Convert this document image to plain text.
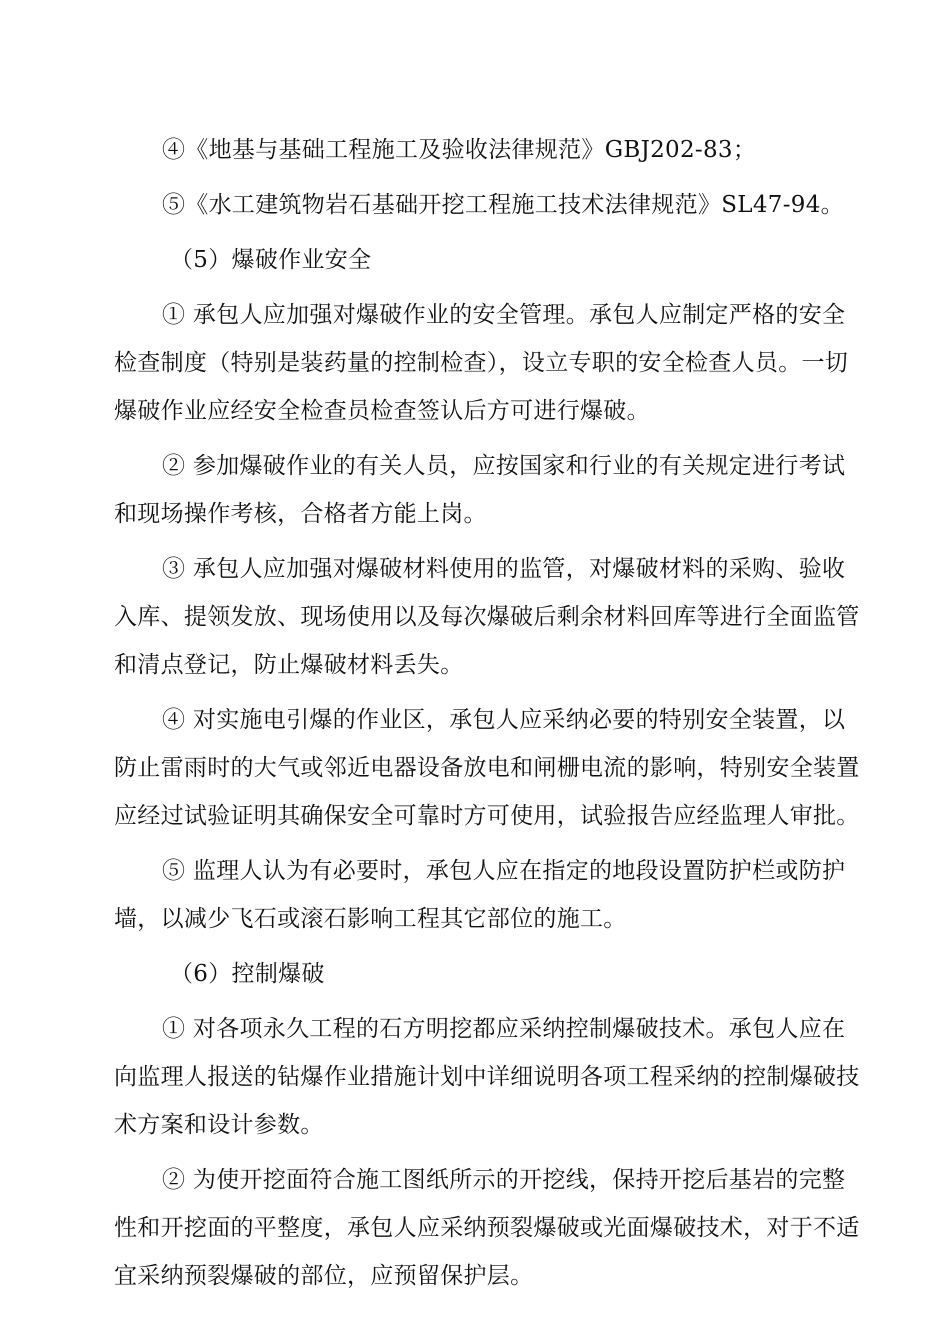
④《地基与基础工程施工及验收法律规范》GBJ202-83；
⑤《水工建筑物岩石基础开挖工程施工技术法律规范》SL47-94。
（5）爆破作业安全
① 承包人应加强对爆破作业的安全管理。承包人应制定严格的安全
检查制度（特别是装药量的控制检查），设立专职的安全检查人员。一切
爆破作业应经安全检查员检查签认后方可进行爆破。
② 参加爆破作业的有关人员，应按国家和行业的有关规定进行考试
和现场操作考核，合格者方能上岗。
③ 承包人应加强对爆破材料使用的监管，对爆破材料的采购、验收
入库、提领发放、现场使用以及每次爆破后剩余材料回库等进行全面监管
和清点登记，防止爆破材料丢失。
④ 对实施电引爆的作业区，承包人应采纳必要的特别安全装置，以
防止雷雨时的大气或邻近电器设备放电和闸栅电流的影响，特别安全装置
应经过试验证明其确保安全可靠时方可使用，试验报告应经监理人审批。
⑤ 监理人认为有必要时，承包人应在指定的地段设置防护栏或防护
墙，以减少飞石或滚石影响工程其它部位的施工。
（6）控制爆破
① 对各项永久工程的石方明挖都应采纳控制爆破技术。承包人应在
向监理人报送的钻爆作业措施计划中详细说明各项工程采纳的控制爆破技
术方案和设计参数。
② 为使开挖面符合施工图纸所示的开挖线，保持开挖后基岩的完整
性和开挖面的平整度，承包人应采纳预裂爆破或光面爆破技术，对于不适
宜采纳预裂爆破的部位，应预留保护层。
